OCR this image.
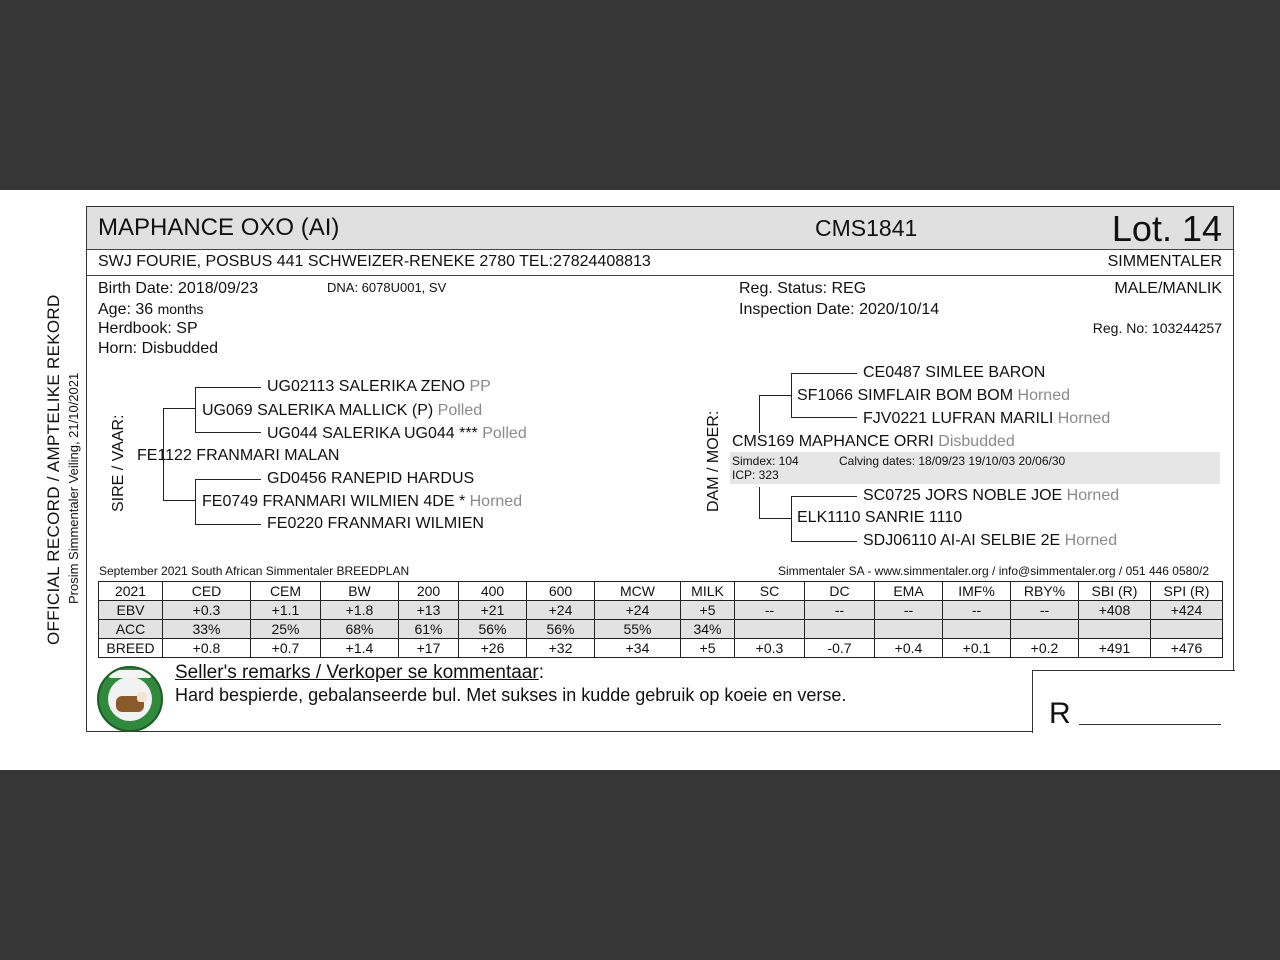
OFFICIAL RECORD / AMPTELIKE REKORD Prosim Simmentaler Veiling, 21/10/2021
MAPHANCE OXO (AI)	CMS1841	Lot. 14
SWJ FOURIE, POSBUS 441 SCHWEIZER-RENEKE 2780 TEL:27824408813	SIMMENTALER
Birth Date: 2018/09/23	DNA: 6078U001, SV
Age: 36 months
Herdbook: SP
Horn: Disbudded
Reg. Status: REG
Inspection Date: 2020/10/14
MALE/MANLIK
Reg. No: 103244257
SIRE / VAAR:
UG02113 SALERIKA ZENO PP
UG069 SALERIKA MALLICK (P) Polled
UG044 SALERIKA UG044 *** Polled
FE1122 FRANMARI MALAN
GD0456 RANEPID HARDUS
FE0749 FRANMARI WILMIEN 4DE * Horned
FE0220 FRANMARI WILMIEN
DAM / MOER:
CE0487 SIMLEE BARON
SF1066 SIMFLAIR BOM BOM Horned
FJV0221 LUFRAN MARILI Horned
CMS169 MAPHANCE ORRI Disbudded
Simdex: 104	Calving dates: 18/09/23 19/10/03 20/06/30
ICP: 323
SC0725 JORS NOBLE JOE Horned
ELK1110 SANRIE 1110
SDJ06110 AI-AI SELBIE 2E Horned
September 2021 South African Simmentaler BREEDPLAN	Simmentaler SA - www.simmentaler.org / info@simmentaler.org / 051 446 0580/2
2021	CED	CEM	BW	200	400	600	MCW	MILK	SC	DC	EMA	IMF%	RBY%	SBI (R)	SPI (R)
EBV	+0.3	+1.1	+1.8	+13	+21	+24	+24	+5	--	--	--	--	--	+408	+424
ACC	33%	25%	68%	61%	56%	56%	55%	34%							
BREED	+0.8	+0.7	+1.4	+17	+26	+32	+34	+5	+0.3	-0.7	+0.4	+0.1	+0.2	+491	+476
Seller's remarks / Verkoper se kommentaar:
Hard bespierde, gebalanseerde bul. Met sukses in kudde gebruik op koeie en verse.
R
